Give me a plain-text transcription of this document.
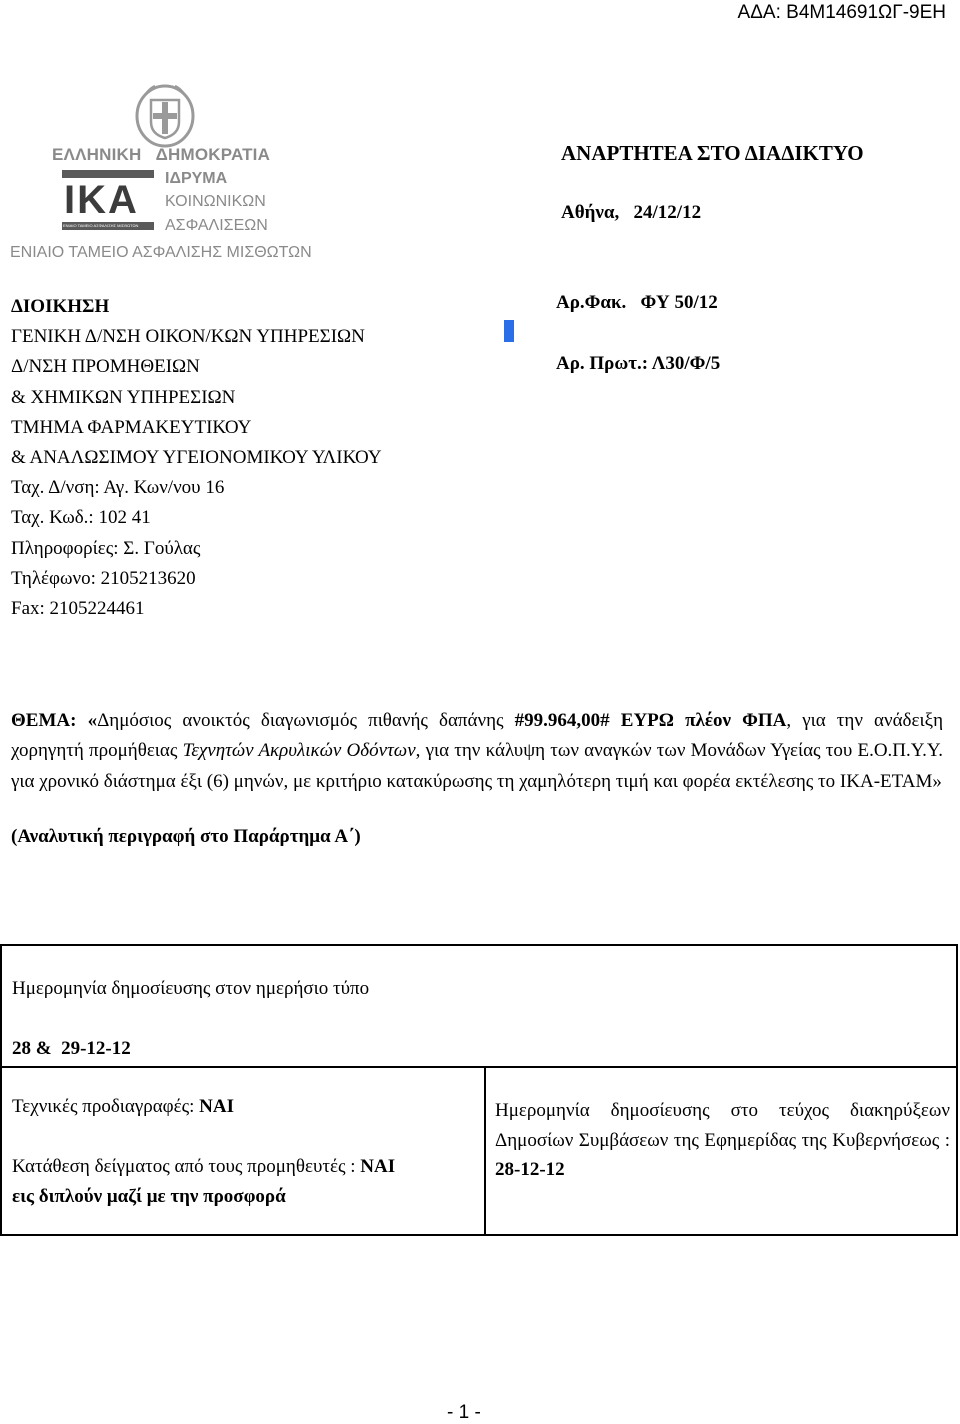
ΑΔΑ: Β4Μ14691ΩΓ-9ΕΗ
ΕΛΛΗΝΙΚΗ   ΔΗΜΟΚΡΑΤΙΑ
ΙΚΑ
ΕΝΙΑΙΟ ΤΑΜΕΙΟ ΑΣΦΑΛΙΣΗΣ ΜΙΣΘΩΤΩΝ
ΙΔΡΥΜΑ
ΚΟΙΝΩΝΙΚΩΝ
ΑΣΦΑΛΙΣΕΩΝ
ΕΝΙΑΙΟ ΤΑΜΕΙΟ ΑΣΦΑΛΙΣΗΣ ΜΙΣΘΩΤΩΝ
ΑΝΑΡΤΗΤΕΑ ΣΤΟ ΔΙΑΔΙΚΤΥΟ
Αθήνα,   24/12/12
Αρ.Φακ.   ΦΥ 50/12
Αρ. Πρωτ.: Λ30/Φ/5
ΔΙΟΙΚΗΣΗ
ΓΕΝΙΚΗ Δ/ΝΣΗ ΟΙΚΟΝ/ΚΩΝ ΥΠΗΡΕΣΙΩΝ
Δ/ΝΣΗ ΠΡΟΜΗΘΕΙΩΝ
& ΧΗΜΙΚΩΝ ΥΠΗΡΕΣΙΩΝ
ΤΜΗΜΑ ΦΑΡΜΑΚΕΥΤΙΚΟΥ
& ΑΝΑΛΩΣΙΜΟΥ ΥΓΕΙΟΝΟΜΙΚΟΥ ΥΛΙΚΟΥ
Ταχ. Δ/νση: Αγ. Κων/νου 16
Ταχ. Κωδ.: 102 41
Πληροφορίες: Σ. Γούλας
Τηλέφωνο: 2105213620
Fax: 2105224461
ΘΕΜΑ: «Δημόσιος ανοικτός διαγωνισμός πιθανής δαπάνης #99.964,00# ΕΥΡΩ πλέον ΦΠΑ, για την ανάδειξη χορηγητή προμήθειας Τεχνητών Ακρυλικών Οδόντων, για την κάλυψη των αναγκών των Μονάδων Υγείας του Ε.Ο.Π.Υ.Υ. για χρονικό διάστημα έξι (6) μηνών, με κριτήριο κατακύρωσης τη χαμηλότερη τιμή και φορέα εκτέλεσης το ΙΚΑ-ΕΤΑΜ»
(Αναλυτική περιγραφή στο Παράρτημα Α΄)
Ημερομηνία δημοσίευσης στον ημερήσιο τύπο
28 &  29-12-12
Τεχνικές προδιαγραφές: ΝΑΙ
Κατάθεση δείγματος από τους προμηθευτές : ΝΑΙ
εις διπλούν μαζί με την προσφορά
Ημερομηνία δημοσίευσης στο τεύχος διακηρύξεων Δημοσίων Συμβάσεων της Εφημερίδας της Κυβερνήσεως : 28-12-12
- 1 -
